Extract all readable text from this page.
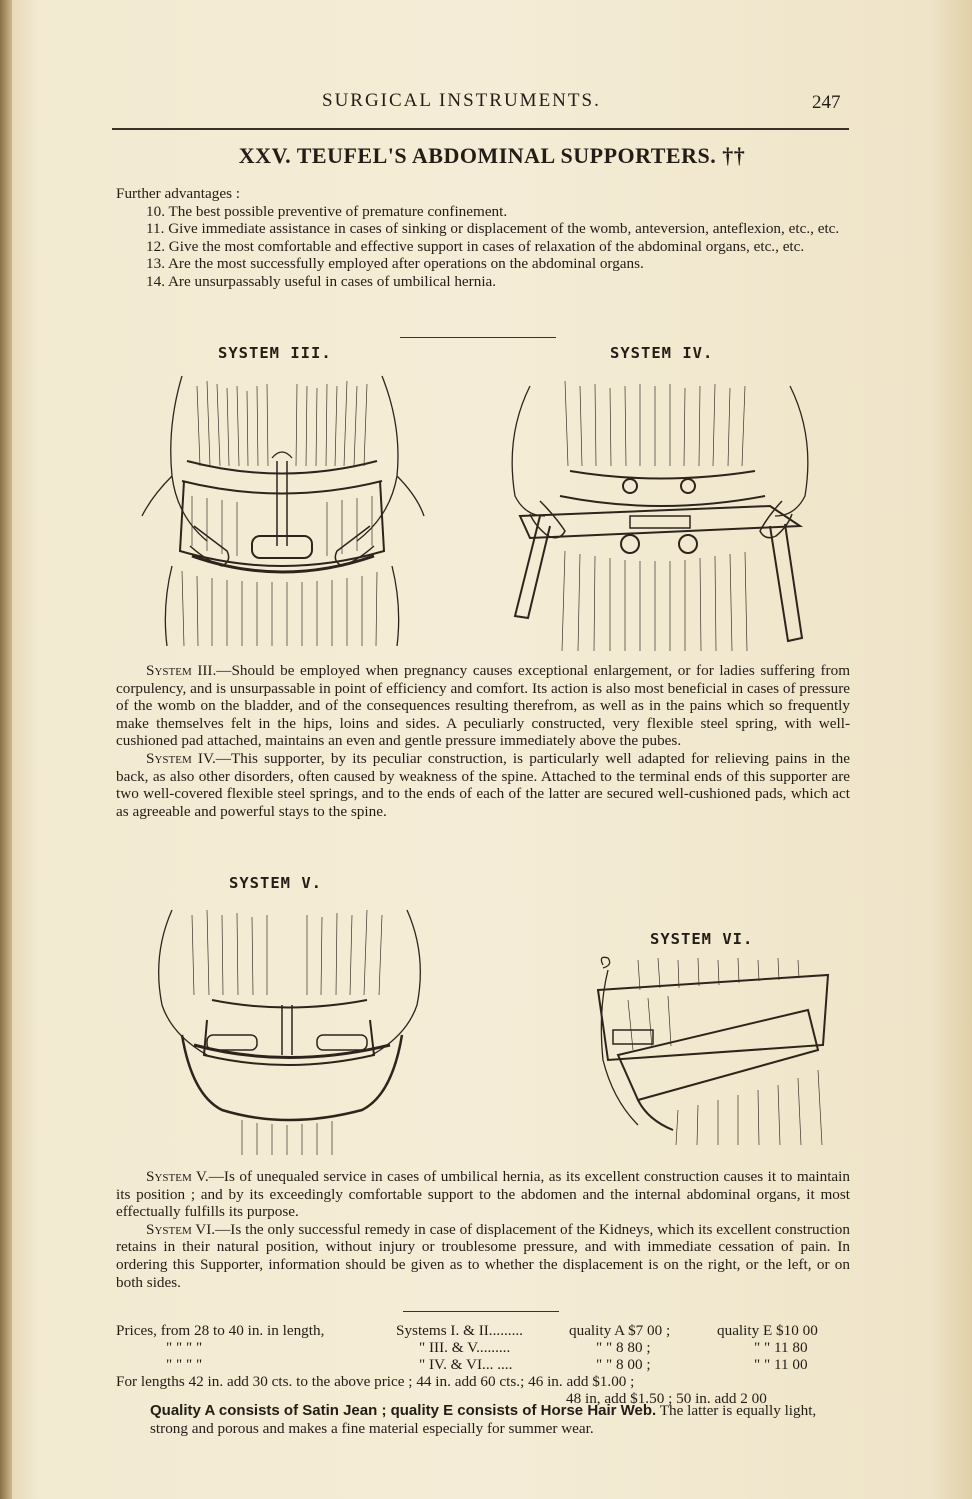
SURGICAL INSTRUMENTS.	247
XXV. TEUFEL'S ABDOMINAL SUPPORTERS. ††

Further advantages :

10. The best possible preventive of premature confinement.

11. Give immediate assistance in cases of sinking or displacement of the womb, anteversion, anteflexion, etc., etc.

12. Give the most comfortable and effective support in cases of relaxation of the abdominal organs, etc., etc.

13. Are the most successfully employed after operations on the abdominal organs.

14. Are unsurpassably useful in cases of umbilical hernia.

SYSTEM III.	SYSTEM IV.

System III.—Should be employed when pregnancy causes exceptional enlargement, or for ladies suffering from corpulency, and is unsurpassable in point of efficiency and comfort. Its action is also most beneficial in cases of pressure of the womb on the bladder, and of the consequences resulting therefrom, as well as in the pains which so frequently make themselves felt in the hips, loins and sides. A peculiarly constructed, very flexible steel spring, with well-cushioned pad attached, maintains an even and gentle pressure immediately above the pubes.

System IV.—This supporter, by its peculiar construction, is particularly well adapted for relieving pains in the back, as also other disorders, often caused by weakness of the spine. Attached to the terminal ends of this supporter are two well-covered flexible steel springs, and to the ends of each of the latter are secured well-cushioned pads, which act as agreeable and powerful stays to the spine.

SYSTEM V.
SYSTEM VI.

System V.—Is of unequaled service in cases of umbilical hernia, as its excellent construction causes it to maintain its position ; and by its exceedingly comfortable support to the abdomen and the internal abdominal organs, it most effectually fulfills its purpose.

System VI.—Is the only successful remedy in case of displacement of the Kidneys, which its excellent construction retains in their natural position, without injury or troublesome pressure, and with immediate cessation of pain. In ordering this Supporter, information should be given as to whether the displacement is on the right, or the left, or on both sides.

Prices, from 28 to 40 in. in length,	Systems I. & II.........	quality A $7 00 ;	quality E $10 00
" " " "	" III. & V.........	" " 8 80 ;	" " 11 80
" " " "	" IV. & VI... ....	" " 8 00 ;	" " 11 00
For lengths 42 in. add 30 cts. to the above price ; 44 in. add 60 cts.; 46 in. add $1.00 ;
48 in, add $1.50 ; 50 in. add 2 00
Quality A consists of Satin Jean ; quality E consists of Horse Hair Web. The latter is equally light, strong and porous and makes a fine material especially for summer wear.
